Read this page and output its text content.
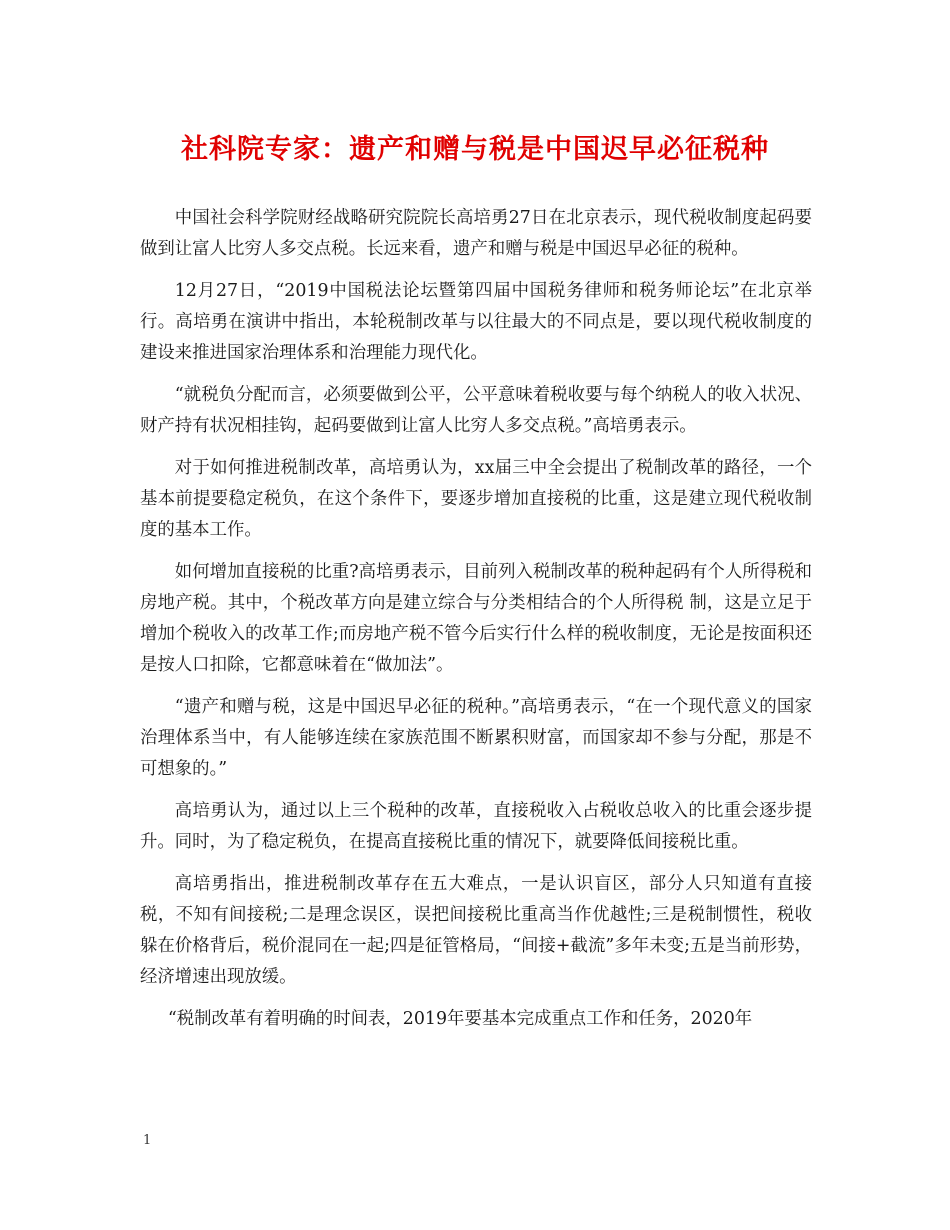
社科院专家：遗产和赠与税是中国迟早必征税种

中国社会科学院财经战略研究院院长高培勇27日在北京表示，现代税收制度起码要做到让富人比穷人多交点税。长远来看，遗产和赠与税是中国迟早必征的税种。

12月27日，“2019中国税法论坛暨第四届中国税务律师和税务师论坛”在北京举行。高培勇在演讲中指出，本轮税制改革与以往最大的不同点是，要以现代税收制度的建设来推进国家治理体系和治理能力现代化。

“就税负分配而言，必须要做到公平，公平意味着税收要与每个纳税人的收入状况、财产持有状况相挂钩，起码要做到让富人比穷人多交点税。”高培勇表示。

对于如何推进税制改革，高培勇认为，xx届三中全会提出了税制改革的路径，一个基本前提要稳定税负，在这个条件下，要逐步增加直接税的比重，这是建立现代税收制度的基本工作。

如何增加直接税的比重?高培勇表示，目前列入税制改革的税种起码有个人所得税和房地产税。其中，个税改革方向是建立综合与分类相结合的个人所得税 制，这是立足于增加个税收入的改革工作;而房地产税不管今后实行什么样的税收制度，无论是按面积还是按人口扣除，它都意味着在“做加法”。

“遗产和赠与税，这是中国迟早必征的税种。”高培勇表示，“在一个现代意义的国家治理体系当中，有人能够连续在家族范围不断累积财富，而国家却不参与分配，那是不可想象的。”

高培勇认为，通过以上三个税种的改革，直接税收入占税收总收入的比重会逐步提升。同时，为了稳定税负，在提高直接税比重的情况下，就要降低间接税比重。

高培勇指出，推进税制改革存在五大难点，一是认识盲区，部分人只知道有直接税，不知有间接税;二是理念误区，误把间接税比重高当作优越性;三是税制惯性，税收躲在价格背后，税价混同在一起;四是征管格局，“间接+截流”多年未变;五是当前形势，经济增速出现放缓。

“税制改革有着明确的时间表，2019年要基本完成重点工作和任务，2020年

1
